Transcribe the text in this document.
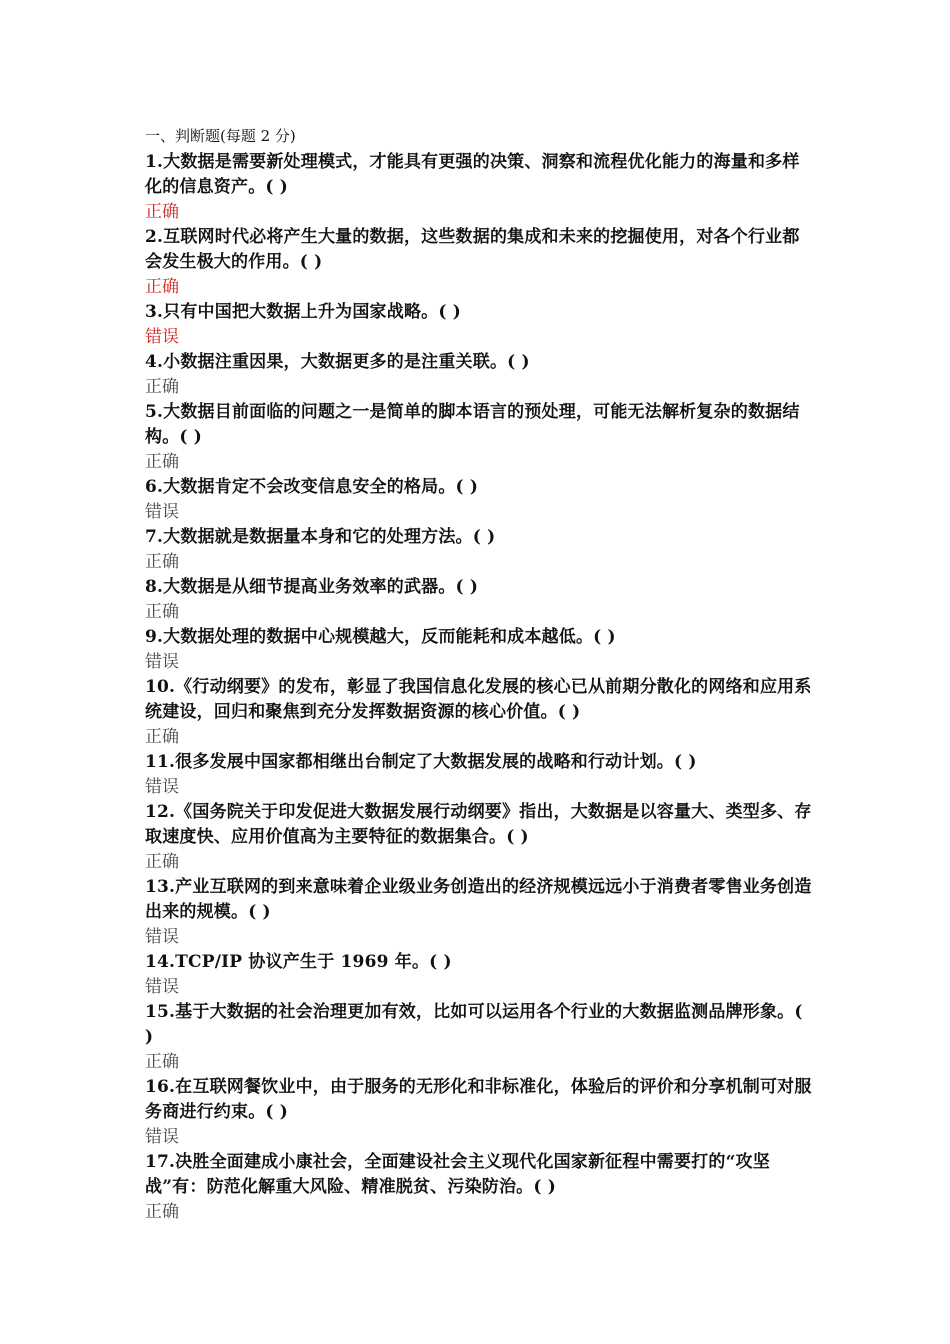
一、判断题(每题 2 分)

1.大数据是需要新处理模式，才能具有更强的决策、洞察和流程优化能力的海量和多样化的信息资产。( )

正确

2.互联网时代必将产生大量的数据，这些数据的集成和未来的挖掘使用，对各个行业都会发生极大的作用。( )

正确

3.只有中国把大数据上升为国家战略。( )

错误

4.小数据注重因果，大数据更多的是注重关联。( )

正确

5.大数据目前面临的问题之一是简单的脚本语言的预处理，可能无法解析复杂的数据结构。( )

正确

6.大数据肯定不会改变信息安全的格局。( )

错误

7.大数据就是数据量本身和它的处理方法。( )

正确

8.大数据是从细节提高业务效率的武器。( )

正确

9.大数据处理的数据中心规模越大，反而能耗和成本越低。( )

错误

10.《行动纲要》的发布，彰显了我国信息化发展的核心已从前期分散化的网络和应用系统建设，回归和聚焦到充分发挥数据资源的核心价值。( )

正确

11.很多发展中国家都相继出台制定了大数据发展的战略和行动计划。( )

错误

12.《国务院关于印发促进大数据发展行动纲要》指出，大数据是以容量大、类型多、存取速度快、应用价值高为主要特征的数据集合。( )

正确

13.产业互联网的到来意味着企业级业务创造出的经济规模远远小于消费者零售业务创造出来的规模。( )

错误

14.TCP/IP 协议产生于 1969 年。( )

错误

15.基于大数据的社会治理更加有效，比如可以运用各个行业的大数据监测品牌形象。( )

正确

16.在互联网餐饮业中，由于服务的无形化和非标准化，体验后的评价和分享机制可对服务商进行约束。( )

错误

17.决胜全面建成小康社会，全面建设社会主义现代化国家新征程中需要打的“攻坚战”有：防范化解重大风险、精准脱贫、污染防治。( )

正确
